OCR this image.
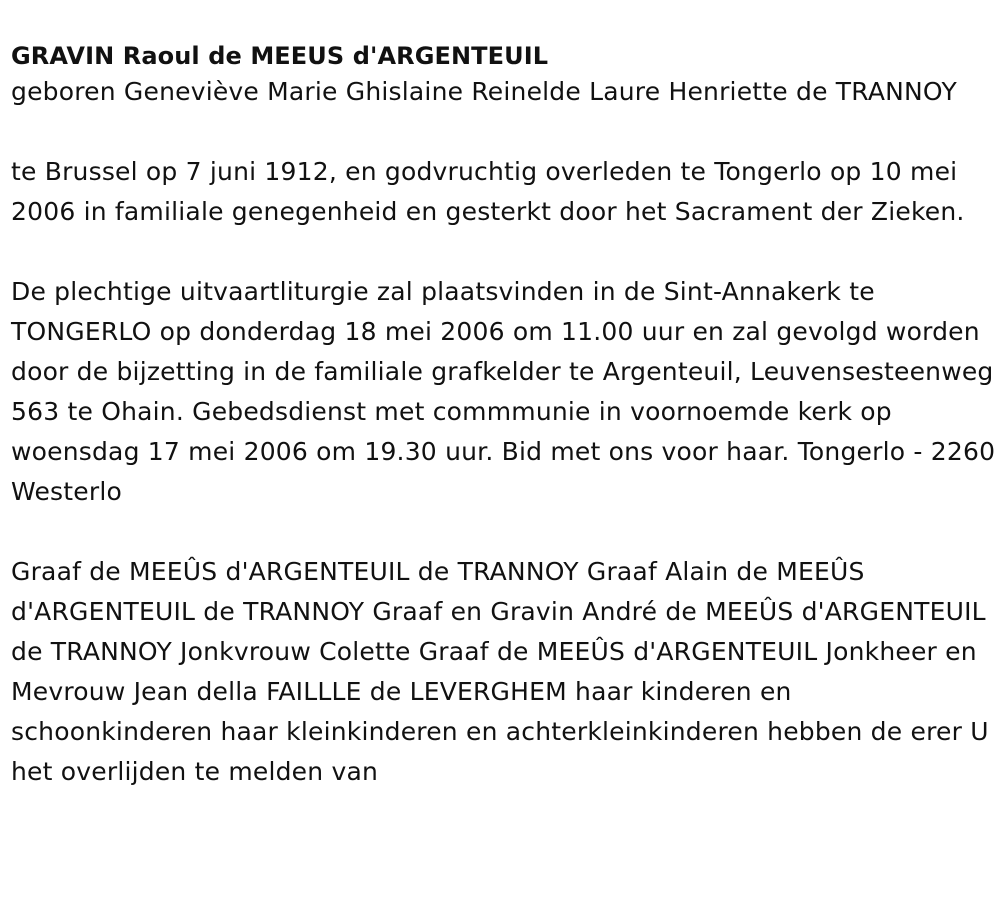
GRAVIN Raoul de MEEUS d'ARGENTEUIL

geboren Geneviève Marie Ghislaine Reinelde Laure Henriette de TRANNOY

te Brussel op 7 juni 1912, en godvruchtig overleden te Tongerlo op 10 mei 2006 in familiale genegenheid en gesterkt door het Sacrament der Zieken.

De plechtige uitvaartliturgie zal plaatsvinden in de Sint-Annakerk te TONGERLO op donderdag 18 mei 2006 om 11.00 uur en zal gevolgd worden door de bijzetting in de familiale grafkelder te Argenteuil, Leuvensesteenweg 563 te Ohain. Gebedsdienst met commmunie in voornoemde kerk op woensdag 17 mei 2006 om 19.30 uur. Bid met ons voor haar. Tongerlo - 2260 Westerlo

Graaf de MEEÛS d'ARGENTEUIL de TRANNOY Graaf Alain de MEEÛS d'ARGENTEUIL de TRANNOY Graaf en Gravin André de MEEÛS d'ARGENTEUIL de TRANNOY Jonkvrouw Colette Graaf de MEEÛS d'ARGENTEUIL Jonkheer en Mevrouw Jean della FAILLLE de LEVERGHEM haar kinderen en schoonkinderen haar kleinkinderen en achterkleinkinderen hebben de erer U het overlijden te melden van
